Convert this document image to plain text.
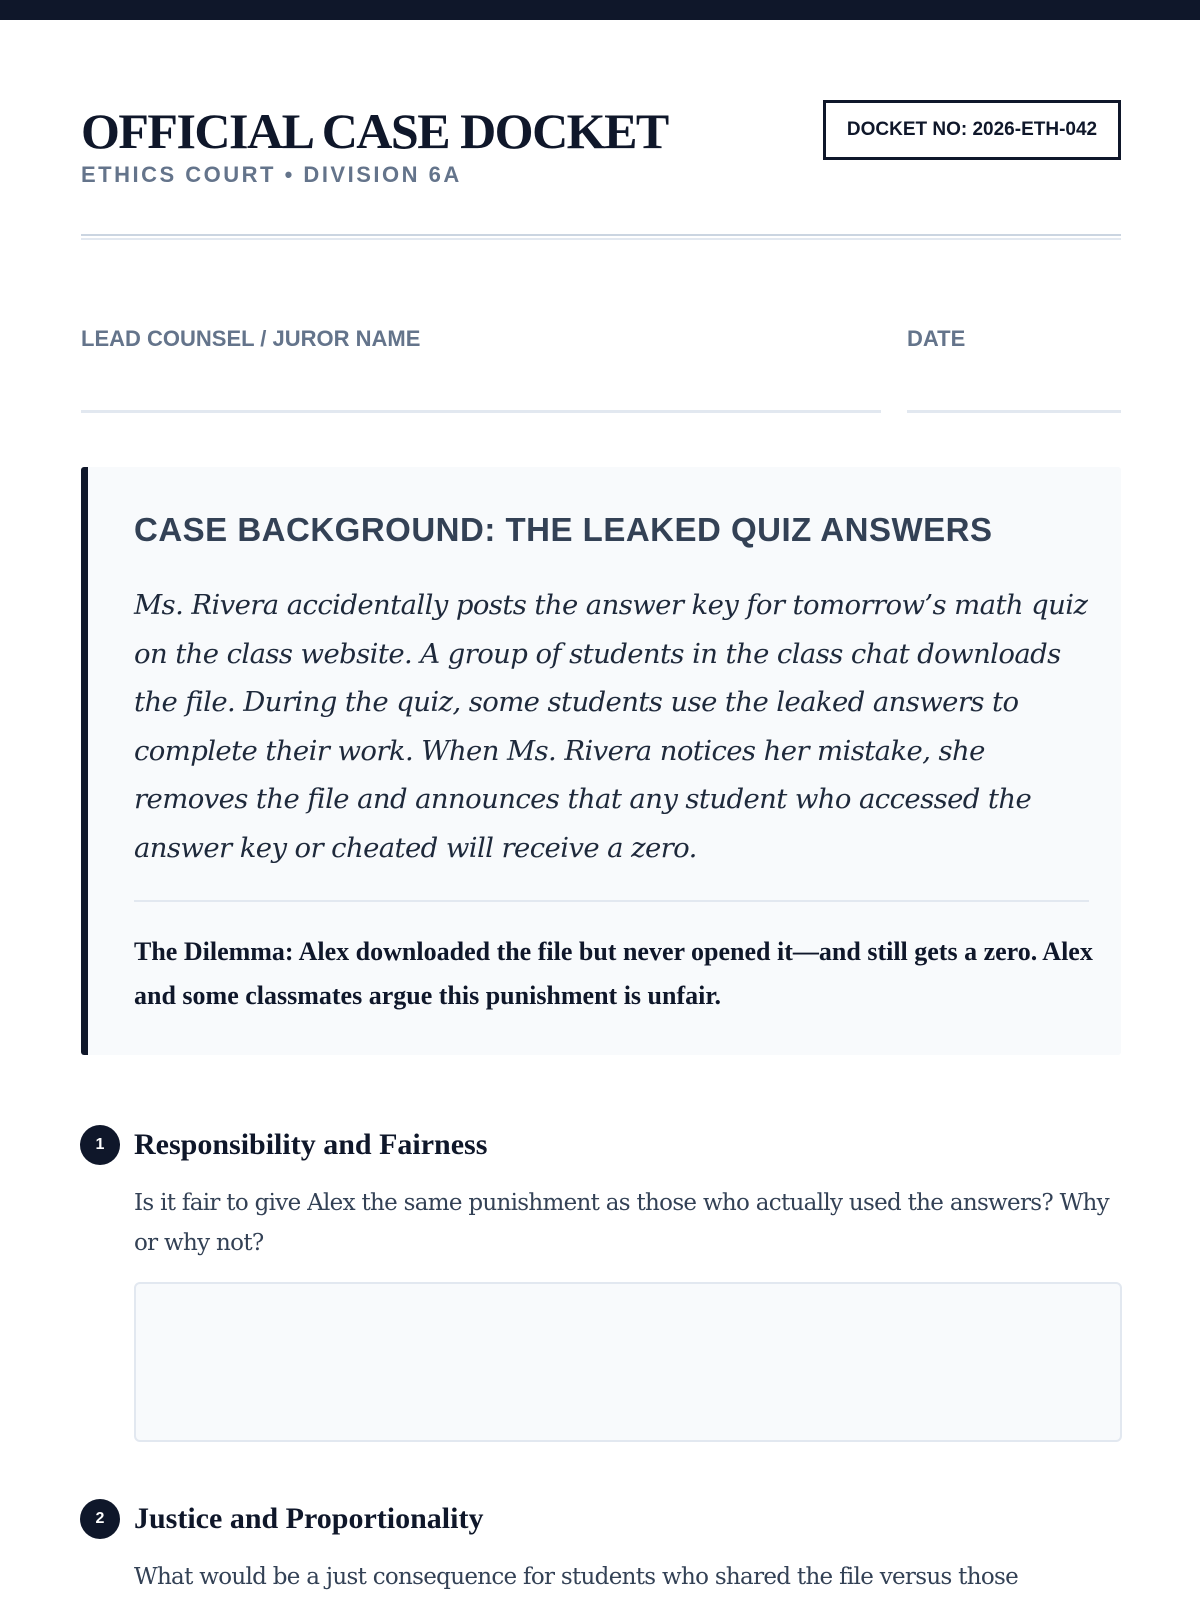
OFFICIAL CASE DOCKET
ETHICS COURT • DIVISION 6A
DOCKET NO: 2026-ETH-042
LEAD COUNSEL / JUROR NAME	DATE
CASE BACKGROUND: THE LEAKED QUIZ ANSWERS
Ms. Rivera accidentally posts the answer key for tomorrow’s math quiz on the class website. A group of students in the class chat downloads the file. During the quiz, some students use the leaked answers to complete their work. When Ms. Rivera notices her mistake, she removes the file and announces that any student who accessed the answer key or cheated will receive a zero.
The Dilemma: Alex downloaded the file but never opened it—and still gets a zero. Alex and some classmates argue this punishment is unfair.
1 Responsibility and Fairness
Is it fair to give Alex the same punishment as those who actually used the answers? Why or why not?
2 Justice and Proportionality
What would be a just consequence for students who shared the file versus those
